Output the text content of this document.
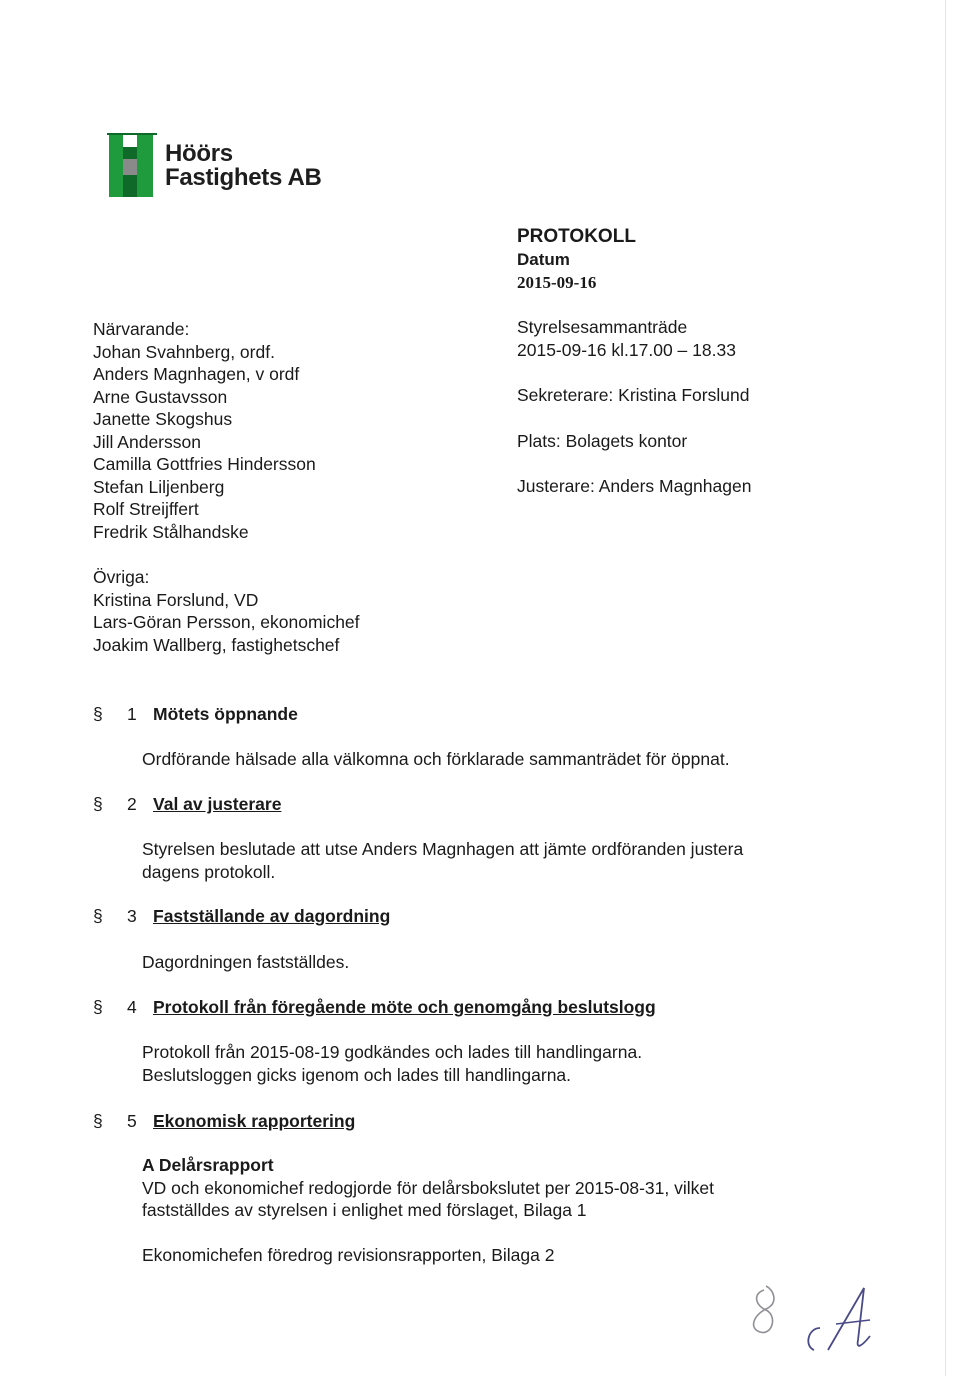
Höörs
Fastighets AB
PROTOKOLL
Datum
2015-09-16
Närvarande:
Johan Svahnberg, ordf.
Anders Magnhagen, v ordf
Arne Gustavsson
Janette Skogshus
Jill Andersson
Camilla Gottfries Hindersson
Stefan Liljenberg
Rolf Streijffert
Fredrik Stålhandske
Styrelsesammanträde
2015-09-16 kl.17.00 – 18.33
Sekreterare: Kristina Forslund
Plats: Bolagets kontor
Justerare: Anders Magnhagen
Övriga:
Kristina Forslund, VD
Lars-Göran Persson, ekonomichef
Joakim Wallberg, fastighetschef
§ 1 Mötets öppnande
Ordförande hälsade alla välkomna och förklarade sammanträdet för öppnat.
§ 2 Val av justerare
Styrelsen beslutade att utse Anders Magnhagen att jämte ordföranden justera
dagens protokoll.
§ 3 Fastställande av dagordning
Dagordningen fastställdes.
§ 4 Protokoll från föregående möte och genomgång beslutslogg
Protokoll från 2015-08-19 godkändes och lades till handlingarna.
Beslutsloggen gicks igenom och lades till handlingarna.
§ 5 Ekonomisk rapportering
A Delårsrapport
VD och ekonomichef redogjorde för delårsbokslutet per 2015-08-31, vilket
fastställdes av styrelsen i enlighet med förslaget, Bilaga 1
Ekonomichefen föredrog revisionsrapporten, Bilaga 2
